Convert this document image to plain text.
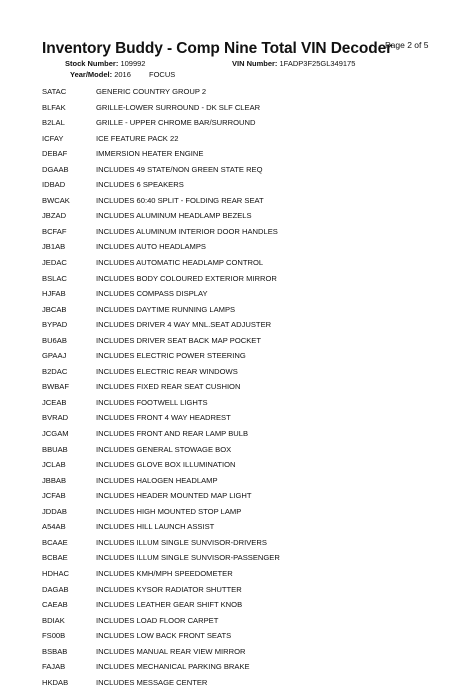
Inventory Buddy - Comp Nine Total VIN Decoder
Page 2 of 5
Stock Number: 109992	VIN Number: 1FADP3F25GL349175
Year/Model: 2016 FOCUS
SATAC	GENERIC COUNTRY GROUP 2
BLFAK	GRILLE-LOWER SURROUND - DK SLF CLEAR
B2LAL	GRILLE - UPPER CHROME BAR/SURROUND
ICFAY	ICE FEATURE PACK 22
DEBAF	IMMERSION HEATER ENGINE
DGAAB	INCLUDES 49 STATE/NON GREEN STATE REQ
IDBAD	INCLUDES 6 SPEAKERS
BWCAK	INCLUDES 60:40 SPLIT - FOLDING REAR SEAT
JBZAD	INCLUDES ALUMINUM HEADLAMP BEZELS
BCFAF	INCLUDES ALUMINUM INTERIOR DOOR HANDLES
JB1AB	INCLUDES AUTO HEADLAMPS
JEDAC	INCLUDES AUTOMATIC HEADLAMP CONTROL
BSLAC	INCLUDES BODY COLOURED EXTERIOR MIRROR
HJFAB	INCLUDES COMPASS DISPLAY
JBCAB	INCLUDES DAYTIME RUNNING LAMPS
BYPAD	INCLUDES DRIVER 4 WAY MNL.SEAT ADJUSTER
BU6AB	INCLUDES DRIVER SEAT BACK MAP POCKET
GPAAJ	INCLUDES ELECTRIC POWER STEERING
B2DAC	INCLUDES ELECTRIC REAR WINDOWS
BWBAF	INCLUDES FIXED REAR SEAT CUSHION
JCEAB	INCLUDES FOOTWELL LIGHTS
BVRAD	INCLUDES FRONT 4 WAY HEADREST
JCGAM	INCLUDES FRONT AND REAR LAMP BULB
BBUAB	INCLUDES GENERAL STOWAGE BOX
JCLAB	INCLUDES GLOVE BOX ILLUMINATION
JBBAB	INCLUDES HALOGEN HEADLAMP
JCFAB	INCLUDES HEADER MOUNTED MAP LIGHT
JDDAB	INCLUDES HIGH MOUNTED STOP LAMP
A54AB	INCLUDES HILL LAUNCH ASSIST
BCAAE	INCLUDES ILLUM SINGLE SUNVISOR-DRIVERS
BCBAE	INCLUDES ILLUM SINGLE SUNVISOR-PASSENGER
HDHAC	INCLUDES KMH/MPH SPEEDOMETER
DAGAB	INCLUDES KYSOR RADIATOR SHUTTER
CAEAB	INCLUDES LEATHER GEAR SHIFT KNOB
BDIAK	INCLUDES LOAD FLOOR CARPET
FS00B	INCLUDES LOW BACK FRONT SEATS
BSBAB	INCLUDES MANUAL REAR VIEW MIRROR
FAJAB	INCLUDES MECHANICAL PARKING BRAKE
HKDAB	INCLUDES MESSAGE CENTER
